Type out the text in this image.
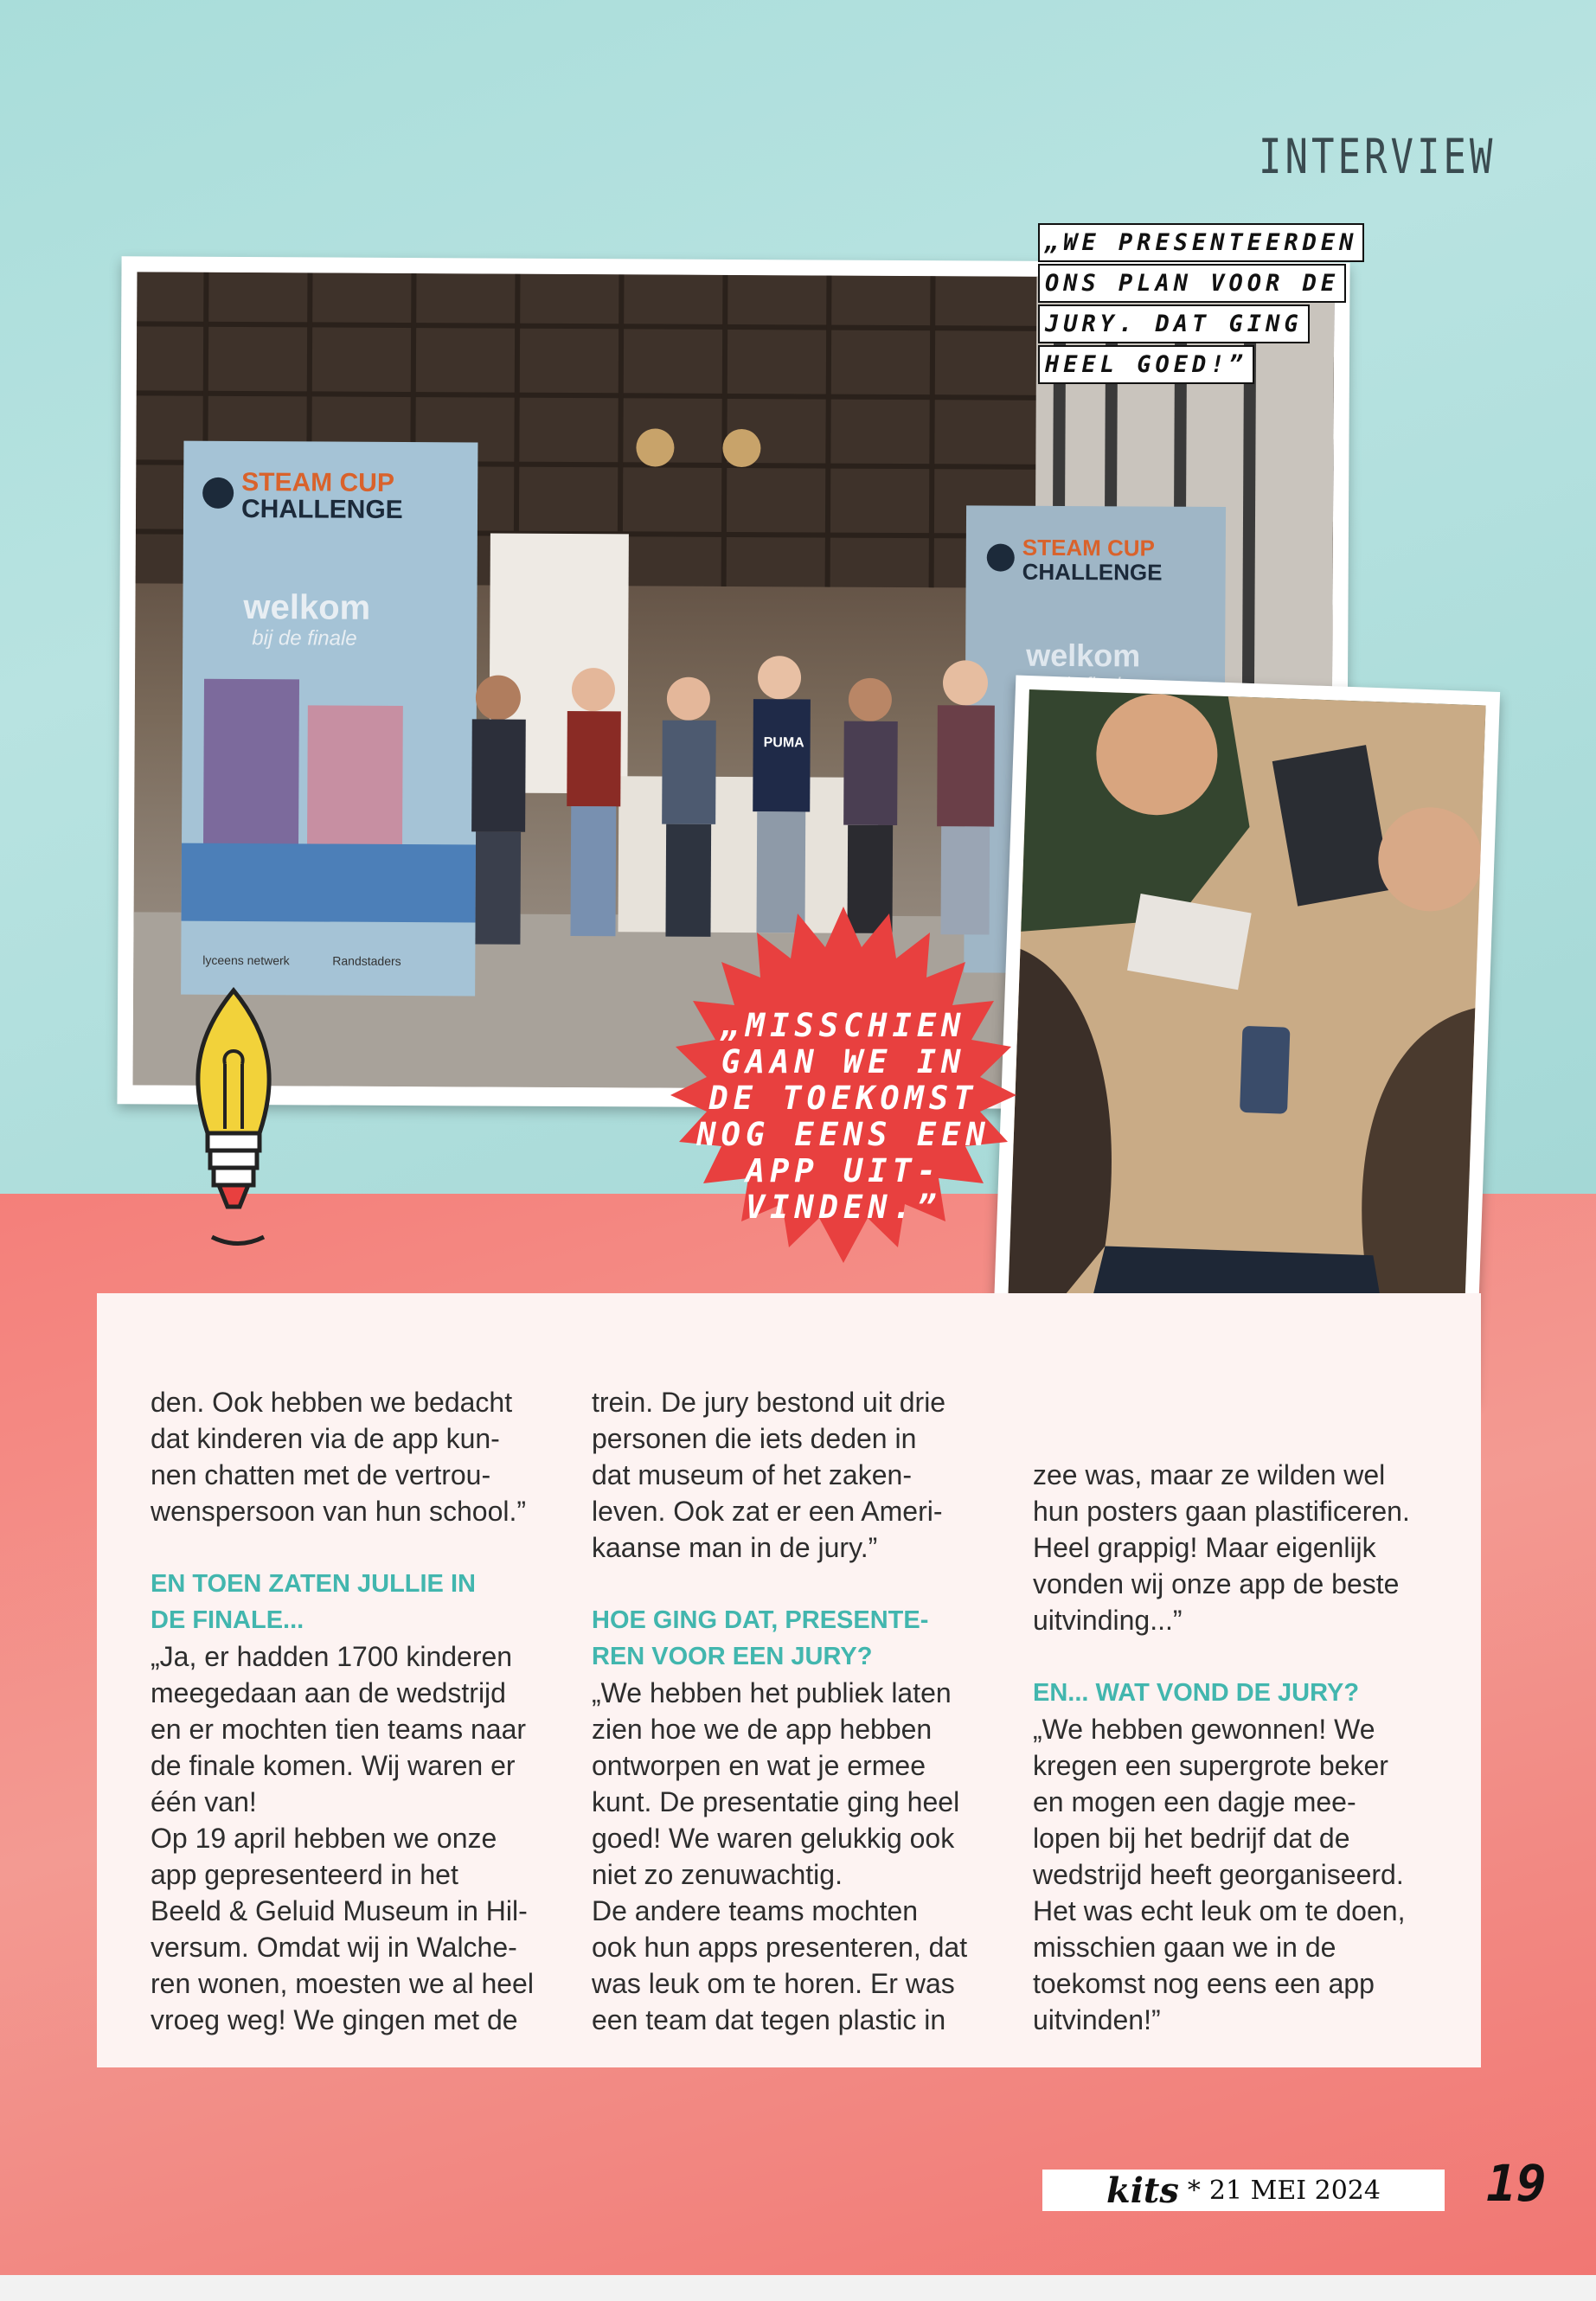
INTERVIEW
STEAM CUP
CHALLENGE
welkom
bij de finale
lyceens netwerk	Randstaders
STEAM CUP
CHALLENGE
welkom
PUMA
„WE PRESENTEERDEN
ONS PLAN VOOR DE
JURY. DAT GING
HEEL GOED!”
„MISSCHIEN
GAAN WE IN
DE TOEKOMST
NOG EENS EEN
APP UIT-
VINDEN.”

den. Ook hebben we bedacht
dat kinderen via de app kun-
nen chatten met de vertrou-
wenspersoon van hun school.”

EN TOEN ZATEN JULLIE IN
DE FINALE...

„Ja, er hadden 1700 kinderen
meegedaan aan de wedstrijd
en er mochten tien teams naar
de finale komen. Wij waren er
één van!
Op 19 april hebben we onze
app gepresenteerd in het
Beeld & Geluid Museum in Hil-
versum. Omdat wij in Walche-
ren wonen, moesten we al heel
vroeg weg! We gingen met de

trein. De jury bestond uit drie
personen die iets deden in
dat museum of het zaken-
leven. Ook zat er een Ameri-
kaanse man in de jury.”

HOE GING DAT, PRESENTE-
REN VOOR EEN JURY?

„We hebben het publiek laten
zien hoe we de app hebben
ontworpen en wat je ermee
kunt. De presentatie ging heel
goed! We waren gelukkig ook
niet zo zenuwachtig.
De andere teams mochten
ook hun apps presenteren, dat
was leuk om te horen. Er was
een team dat tegen plastic in

zee was, maar ze wilden wel
hun posters gaan plastificeren.
Heel grappig! Maar eigenlijk
vonden wij onze app de beste
uitvinding...”

EN... WAT VOND DE JURY?

„We hebben gewonnen! We
kregen een supergrote beker
en mogen een dagje mee-
lopen bij het bedrijf dat de
wedstrijd heeft georganiseerd.
Het was echt leuk om te doen,
misschien gaan we in de
toekomst nog eens een app
uitvinden!”

kits * 21 MEI 2024 19
